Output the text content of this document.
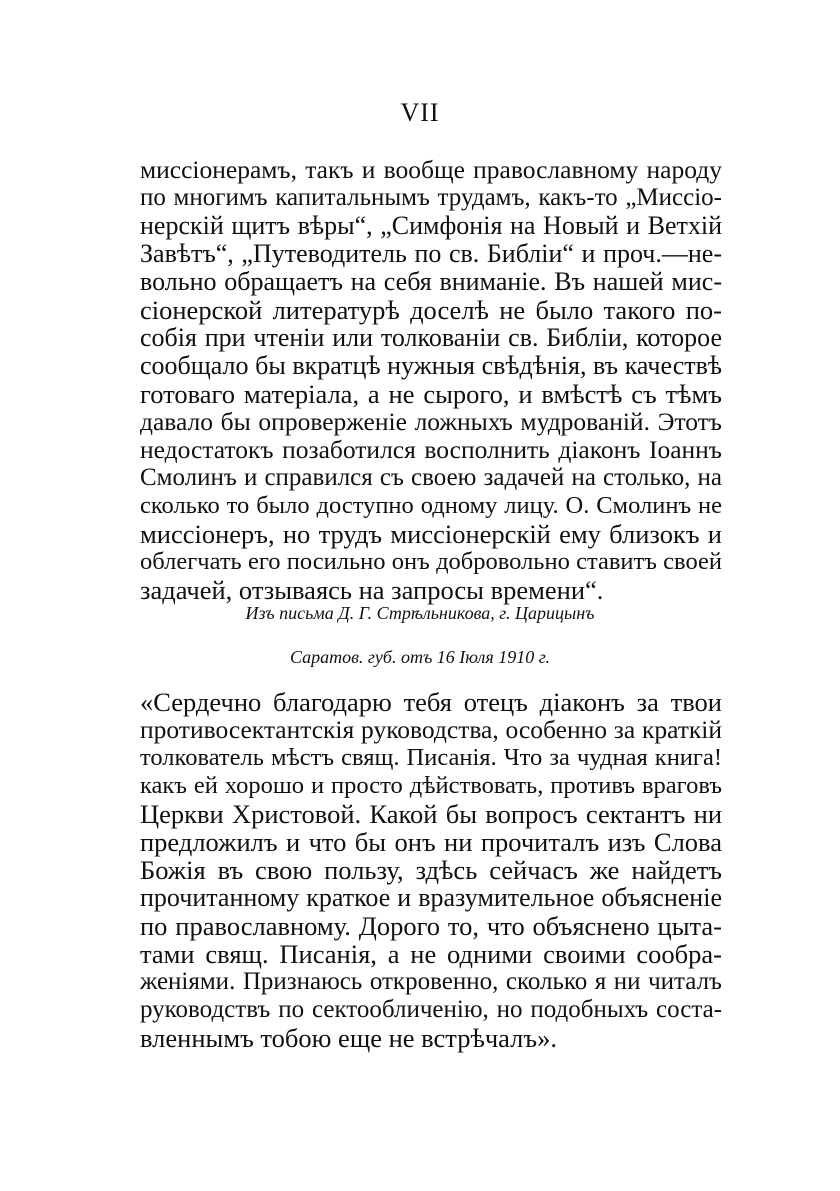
VII
миссіонерамъ, такъ и вообще православному народу
по многимъ капитальнымъ трудамъ, какъ-то „Миссіо-
нерскій щитъ вѣры“, „Симфонія на Новый и Ветхій
Завѣтъ“, „Путеводитель по св. Библіи“ и проч.—не-
вольно обращаетъ на себя вниманіе. Въ нашей мис-
сіонерской литературѣ доселѣ не было такого по-
собія при чтеніи или толкованіи св. Библіи, которое
сообщало бы вкратцѣ нужныя свѣдѣнія, въ качествѣ
готоваго матеріала, а не сырого, и вмѣстѣ съ тѣмъ
давало бы опроверженіе ложныхъ мудрованій. Этотъ
недостатокъ позаботился восполнить діаконъ Іоаннъ
Смолинъ и справился съ своею задачей на столько, на
сколько то было доступно одному лицу. О. Смолинъ не
миссіонеръ, но трудъ миссіонерскій ему близокъ и
облегчать его посильно онъ добровольно ставитъ своей
задачей, отзываясь на запросы времени“.
Изъ письма Д. Г. Стрѣльникова, г. Царицынъ
Саратов. губ. отъ 16 Іюля 1910 г.
«Сердечно благодарю тебя отецъ діаконъ за твои
противосектантскія руководства, особенно за краткій
толкователь мѣстъ свящ. Писанія. Что за чудная книга!
какъ ей хорошо и просто дѣйствовать, противъ враговъ
Церкви Христовой. Какой бы вопросъ сектантъ ни
предложилъ и что бы онъ ни прочиталъ изъ Слова
Божія въ свою пользу, здѣсь сейчасъ же найдетъ
прочитанному краткое и вразумительное объясненіе
по православному. Дорого то, что объяснено цыта-
тами свящ. Писанія, а не одними своими сообра-
женіями. Признаюсь откровенно, сколько я ни читалъ
руководствъ по сектообличенію, но подобныхъ соста-
вленнымъ тобою еще не встрѣчалъ».
